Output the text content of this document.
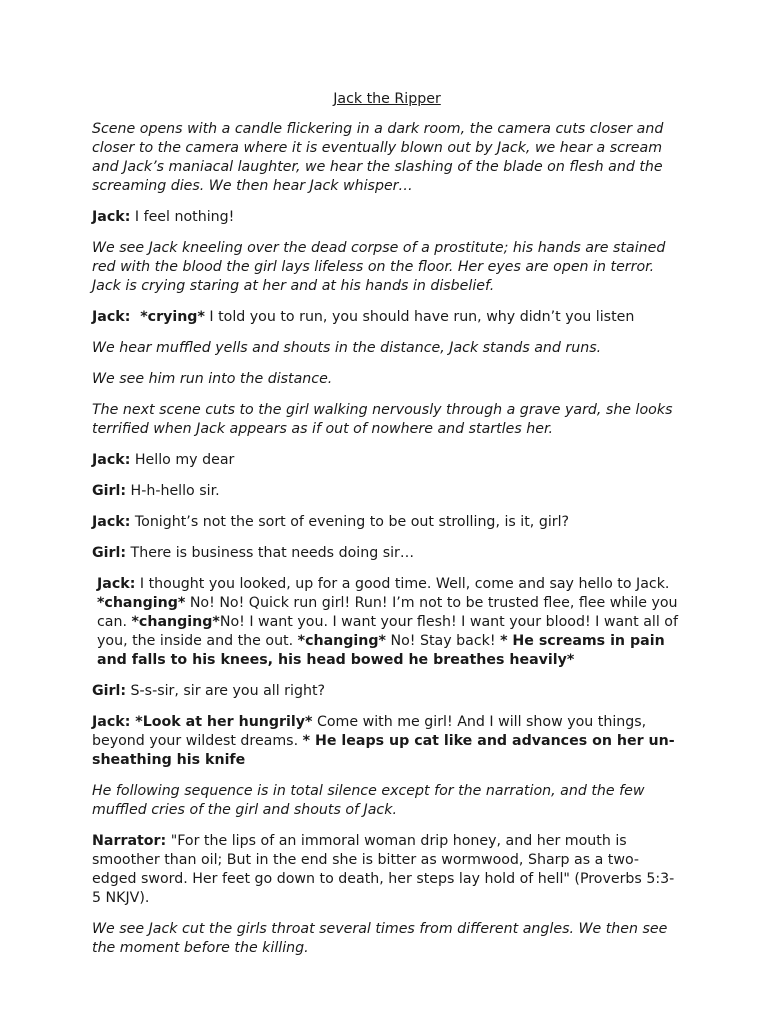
Jack the Ripper

Scene opens with a candle flickering in a dark room, the camera cuts closer and closer to the camera where it is eventually blown out by Jack, we hear a scream and Jack’s maniacal laughter, we hear the slashing of the blade on flesh and the screaming dies. We then hear Jack whisper…

Jack: I feel nothing!

We see Jack kneeling over the dead corpse of a prostitute; his hands are stained red with the blood the girl lays lifeless on the floor. Her eyes are open in terror. Jack is crying staring at her and at his hands in disbelief.

Jack:  *crying* I told you to run, you should have run, why didn’t you listen

We hear muffled yells and shouts in the distance, Jack stands and runs.

We see him run into the distance.

The next scene cuts to the girl walking nervously through a grave yard, she looks terrified when Jack appears as if out of nowhere and startles her.

Jack: Hello my dear

Girl: H-h-hello sir.

Jack: Tonight’s not the sort of evening to be out strolling, is it, girl?

Girl: There is business that needs doing sir…

Jack: I thought you looked, up for a good time. Well, come and say hello to Jack. *changing* No! No! Quick run girl! Run! I’m not to be trusted flee, flee while you can. *changing*No! I want you. I want your flesh! I want your blood! I want all of you, the inside and the out. *changing* No! Stay back! * He screams in pain and falls to his knees, his head bowed he breathes heavily*

Girl: S-s-sir, sir are you all right?

Jack: *Look at her hungrily* Come with me girl! And I will show you things, beyond your wildest dreams. * He leaps up cat like and advances on her un-sheathing his knife

He following sequence is in total silence except for the narration, and the few muffled cries of the girl and shouts of Jack.

Narrator: "For the lips of an immoral woman drip honey, and her mouth is smoother than oil; But in the end she is bitter as wormwood, Sharp as a two-edged sword. Her feet go down to death, her steps lay hold of hell" (Proverbs 5:3-5 NKJV).

We see Jack cut the girls throat several times from different angles. We then see the moment before the killing.
